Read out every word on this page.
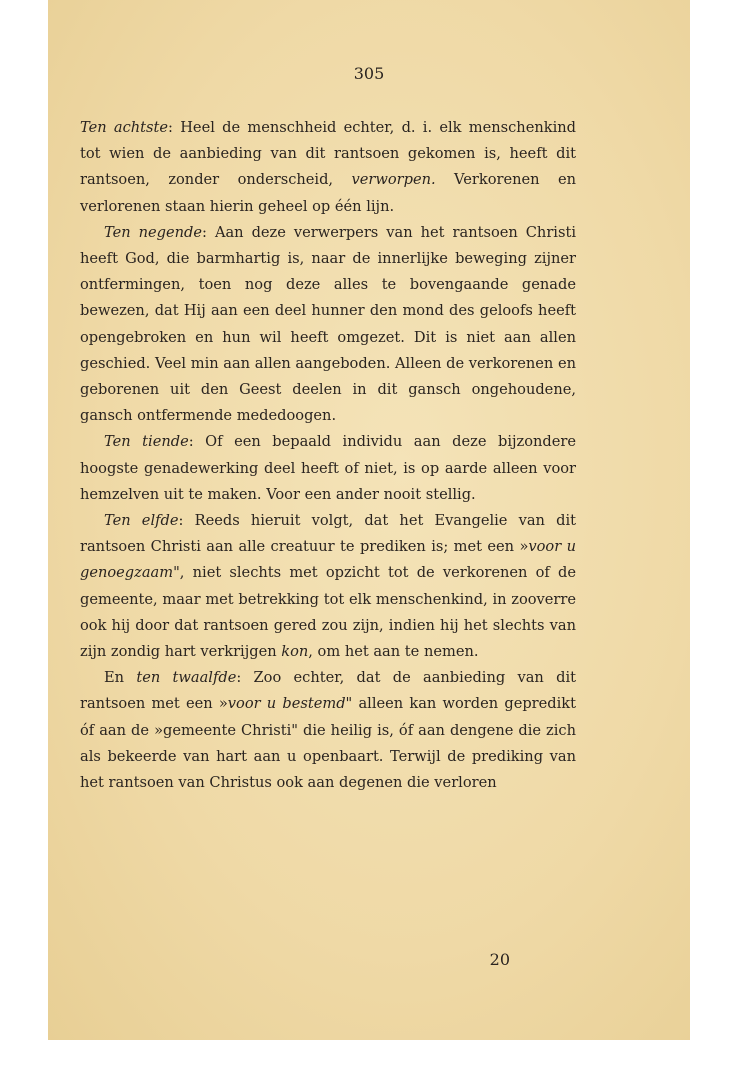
305

Ten achtste: Heel de menschheid echter, d. i. elk menschenkind tot wien de aanbieding van dit rantsoen gekomen is, heeft dit rantsoen, zonder onderscheid, verworpen. Verkorenen en verlorenen staan hierin geheel op één lijn.

Ten negende: Aan deze verwerpers van het rantsoen Christi heeft God, die barmhartig is, naar de innerlijke beweging zijner ontfermingen, toen nog deze alles te bovengaande genade bewezen, dat Hij aan een deel hunner den mond des geloofs heeft opengebroken en hun wil heeft omgezet. Dit is niet aan allen geschied. Veel min aan allen aangeboden. Alleen de verkorenen en geborenen uit den Geest deelen in dit gansch ongehoudene, gansch ontfermende mededoogen.

Ten tiende: Of een bepaald individu aan deze bijzondere hoogste genadewerking deel heeft of niet, is op aarde alleen voor hemzelven uit te maken. Voor een ander nooit stellig.

Ten elfde: Reeds hieruit volgt, dat het Evangelie van dit rantsoen Christi aan alle creatuur te prediken is; met een »voor u genoegzaam", niet slechts met opzicht tot de verkorenen of de gemeente, maar met betrekking tot elk menschenkind, in zooverre ook hij door dat rantsoen gered zou zijn, indien hij het slechts van zijn zondig hart verkrijgen kon, om het aan te nemen.

En ten twaalfde: Zoo echter, dat de aanbieding van dit rantsoen met een »voor u bestemd" alleen kan worden gepredikt óf aan de »gemeente Christi" die heilig is, óf aan dengene die zich als bekeerde van hart aan u openbaart. Terwijl de prediking van het rantsoen van Christus ook aan degenen die verloren

20
